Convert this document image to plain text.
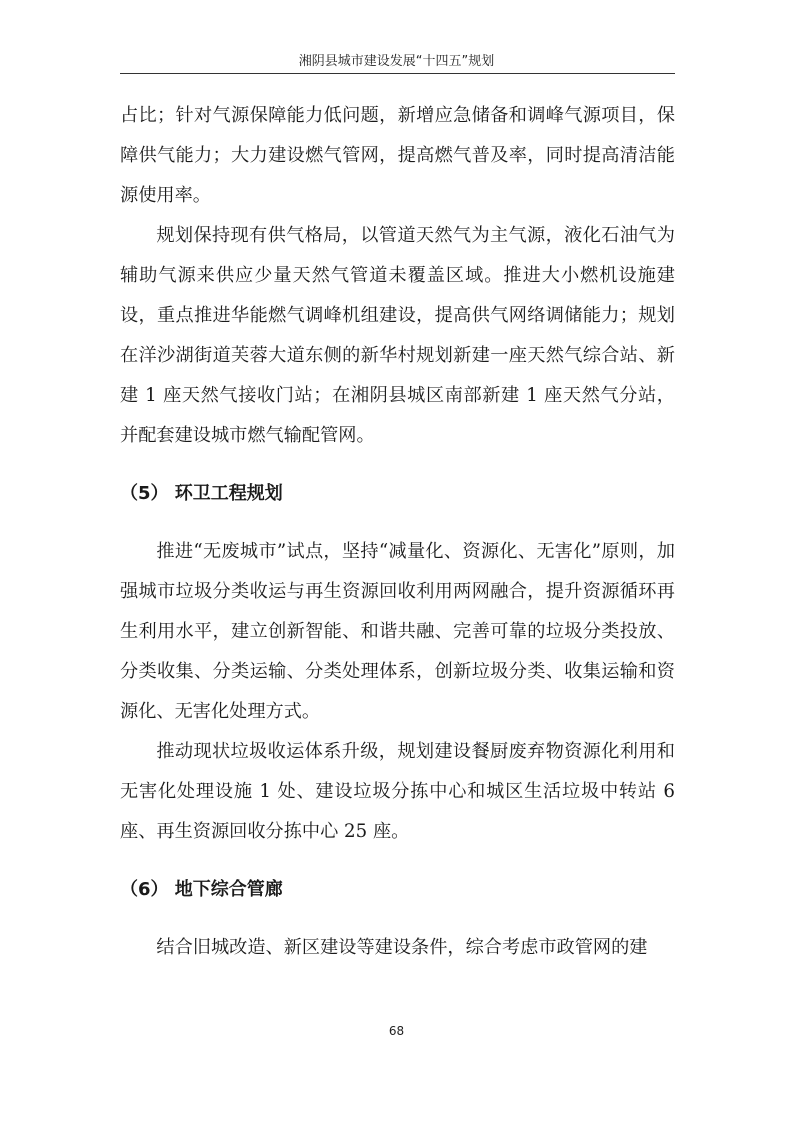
湘阴县城市建设发展“十四五”规划

占比；针对气源保障能力低问题，新增应急储备和调峰气源项目，保障供气能力；大力建设燃气管网，提高燃气普及率，同时提高清洁能源使用率。

规划保持现有供气格局，以管道天然气为主气源，液化石油气为辅助气源来供应少量天然气管道未覆盖区域。推进大小燃机设施建设，重点推进华能燃气调峰机组建设，提高供气网络调储能力；规划在洋沙湖街道芙蓉大道东侧的新华村规划新建一座天然气综合站、新建 1 座天然气接收门站；在湘阴县城区南部新建 1 座天然气分站，并配套建设城市燃气输配管网。

（5） 环卫工程规划

推进“无废城市”试点，坚持“减量化、资源化、无害化”原则，加强城市垃圾分类收运与再生资源回收利用两网融合，提升资源循环再生利用水平，建立创新智能、和谐共融、完善可靠的垃圾分类投放、分类收集、分类运输、分类处理体系，创新垃圾分类、收集运输和资源化、无害化处理方式。

推动现状垃圾收运体系升级，规划建设餐厨废弃物资源化利用和无害化处理设施 1 处、建设垃圾分拣中心和城区生活垃圾中转站 6 座、再生资源回收分拣中心 25 座。

（6） 地下综合管廊

结合旧城改造、新区建设等建设条件，综合考虑市政管网的建

68
